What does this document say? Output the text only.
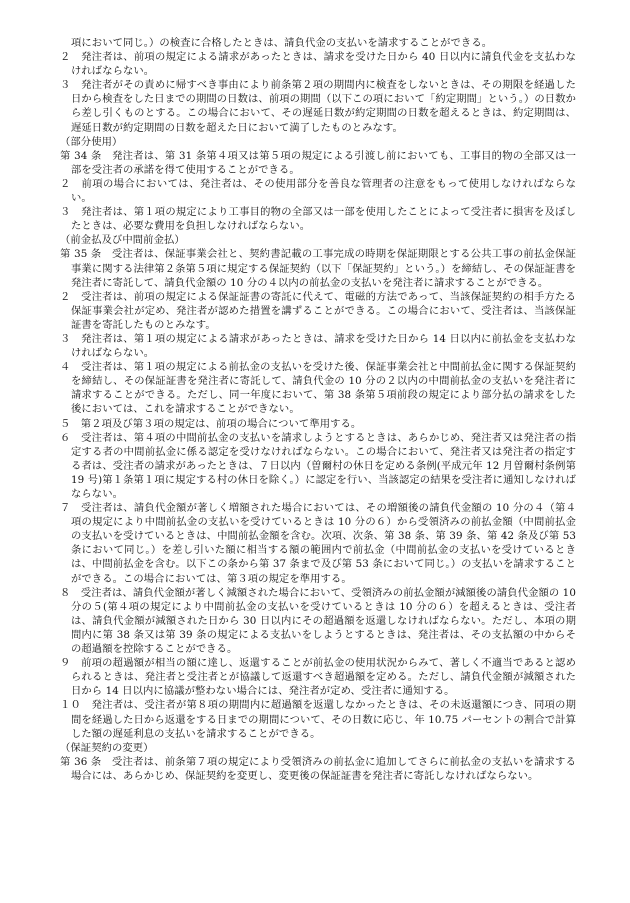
項において同じ。）の検査に合格したときは、請負代金の支払いを請求することができる。

２　発注者は、前項の規定による請求があったときは、請求を受けた日から 40 日以内に請負代金を支払わなければならない。

３　発注者がその責めに帰すべき事由により前条第２項の期間内に検査をしないときは、その期限を経過した日から検査をした日までの期間の日数は、前項の期間（以下この項において「約定期間」という。）の日数から差し引くものとする。この場合において、その遅延日数が約定期間の日数を超えるときは、約定期間は、遅延日数が約定期間の日数を超えた日において満了したものとみなす。

（部分使用）

第 34 条　発注者は、第 31 条第４項又は第５項の規定による引渡し前においても、工事目的物の全部又は一部を受注者の承諾を得て使用することができる。

２　前項の場合においては、発注者は、その使用部分を善良な管理者の注意をもって使用しなければならない。

３　発注者は、第１項の規定により工事目的物の全部又は一部を使用したことによって受注者に損害を及ぼしたときは、必要な費用を負担しなければならない。

（前金払及び中間前金払）

第 35 条　受注者は、保証事業会社と、契約書記載の工事完成の時期を保証期限とする公共工事の前払金保証事業に関する法律第２条第５項に規定する保証契約（以下「保証契約」という。）を締結し、その保証証書を発注者に寄託して、請負代金額の 10 分の４以内の前払金の支払いを発注者に請求することができる。

２　受注者は、前項の規定による保証証書の寄託に代えて、電磁的方法であって、当該保証契約の相手方たる保証事業会社が定め、発注者が認めた措置を講ずることができる。この場合において、受注者は、当該保証証書を寄託したものとみなす。

３　発注者は、第１項の規定による請求があったときは、請求を受けた日から 14 日以内に前払金を支払わなければならない。

４　受注者は、第１項の規定による前払金の支払いを受けた後、保証事業会社と中間前払金に関する保証契約を締結し、その保証証書を発注者に寄託して、請負代金の 10 分の２以内の中間前払金の支払いを発注者に請求することができる。ただし、同一年度において、第 38 条第５項前段の規定により部分払の請求をした後においては、これを請求することができない。

５　第２項及び第３項の規定は、前項の場合について準用する。

６　受注者は、第４項の中間前払金の支払いを請求しようとするときは、あらかじめ、発注者又は発注者の指定する者の中間前払金に係る認定を受けなければならない。この場合において、発注者又は発注者の指定する者は、受注者の請求があったときは、７日以内（曽爾村の休日を定める条例(平成元年 12 月曽爾村条例第 19 号)第１条第１項に規定する村の休日を除く。）に認定を行い、当該認定の結果を受注者に通知しなければならない。

７　受注者は、請負代金額が著しく増額された場合においては、その増額後の請負代金額の 10 分の４（第４項の規定により中間前払金の支払いを受けているときは 10 分の６）から受領済みの前払金額（中間前払金の支払いを受けているときは、中間前払金額を含む。次項、次条、第 38 条、第 39 条、第 42 条及び第 53 条において同じ。）を差し引いた額に相当する額の範囲内で前払金（中間前払金の支払いを受けているときは、中間前払金を含む。以下この条から第 37 条まで及び第 53 条において同じ。）の支払いを請求することができる。この場合においては、第３項の規定を準用する。

８　受注者は、請負代金額が著しく減額された場合において、受領済みの前払金額が減額後の請負代金額の 10 分の５(第４項の規定により中間前払金の支払いを受けているときは 10 分の６）を超えるときは、受注者は、請負代金額が減額された日から 30 日以内にその超過額を返還しなければならない。ただし、本項の期間内に第 38 条又は第 39 条の規定による支払いをしようとするときは、発注者は、その支払額の中からその超過額を控除することができる。

９　前項の超過額が相当の額に達し、返還することが前払金の使用状況からみて、著しく不適当であると認められるときは、発注者と受注者とが協議して返還すべき超過額を定める。ただし、請負代金額が減額された日から 14 日以内に協議が整わない場合には、発注者が定め、受注者に通知する。

１０　発注者は、受注者が第８項の期間内に超過額を返還しなかったときは、その未返還額につき、同項の期間を経過した日から返還をする日までの期間について、その日数に応じ、年 10.75 パーセントの割合で計算した額の遅延利息の支払いを請求することができる。

（保証契約の変更）

第 36 条　受注者は、前条第７項の規定により受領済みの前払金に追加してさらに前払金の支払いを請求する場合には、あらかじめ、保証契約を変更し、変更後の保証証書を発注者に寄託しなければならない。
